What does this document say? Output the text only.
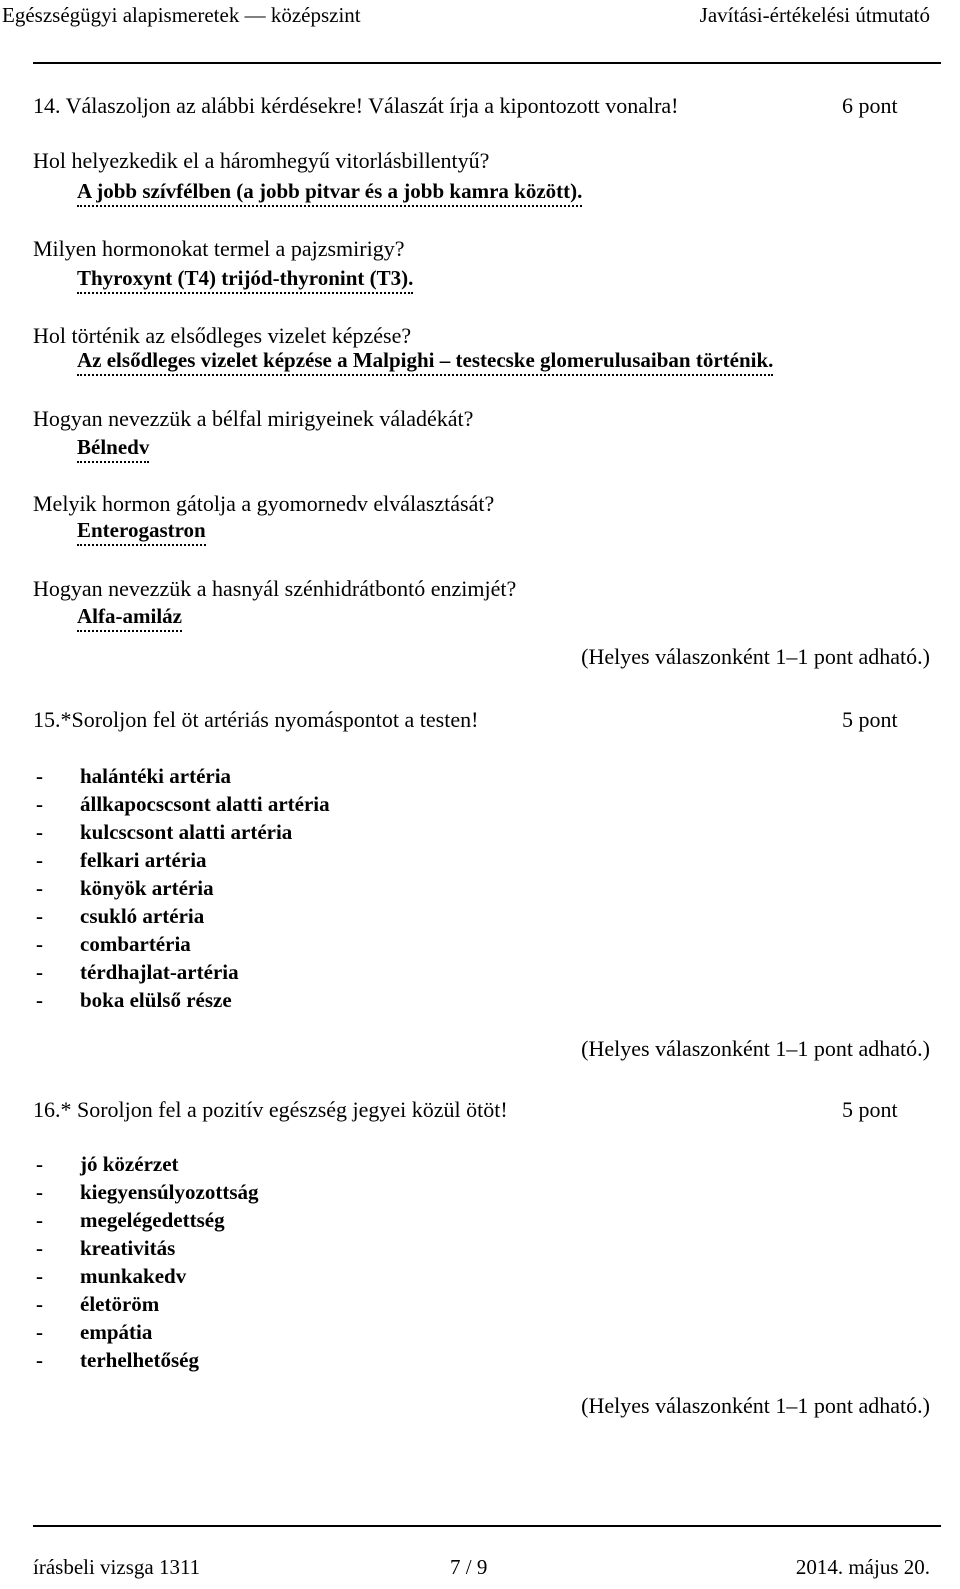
Egészségügyi alapismeretek — középszint	Javítási-értékelési útmutató
14. Válaszoljon az alábbi kérdésekre! Válaszát írja a kipontozott vonalra!	6 pont
Hol helyezkedik el a háromhegyű vitorlásbillentyű?
A jobb szívfélben (a jobb pitvar és a jobb kamra között).
Milyen hormonokat termel a pajzsmirigy?
Thyroxynt (T4) trijód-thyronint (T3).
Hol történik az elsődleges vizelet képzése?
Az elsődleges vizelet képzése a Malpighi – testecske glomerulusaiban történik.
Hogyan nevezzük a bélfal mirigyeinek váladékát?
Bélnedv
Melyik hormon gátolja a gyomornedv elválasztását?
Enterogastron
Hogyan nevezzük a hasnyál szénhidrátbontó enzimjét?
Alfa-amiláz
(Helyes válaszonként 1–1 pont adható.)
15.*Soroljon fel öt artériás nyomáspontot a testen!	5 pont
- halántéki artéria
- állkapocscsont alatti artéria
- kulcscsont alatti artéria
- felkari artéria
- könyök artéria
- csukló artéria
- combartéria
- térdhajlat-artéria
- boka elülső része
(Helyes válaszonként 1–1 pont adható.)
16.* Soroljon fel a pozitív egészség jegyei közül ötöt!	5 pont
- jó közérzet
- kiegyensúlyozottság
- megelégedettség
- kreativitás
- munkakedv
- életöröm
- empátia
- terhelhetőség
(Helyes válaszonként 1–1 pont adható.)
írásbeli vizsga 1311	7 / 9	2014. május 20.
